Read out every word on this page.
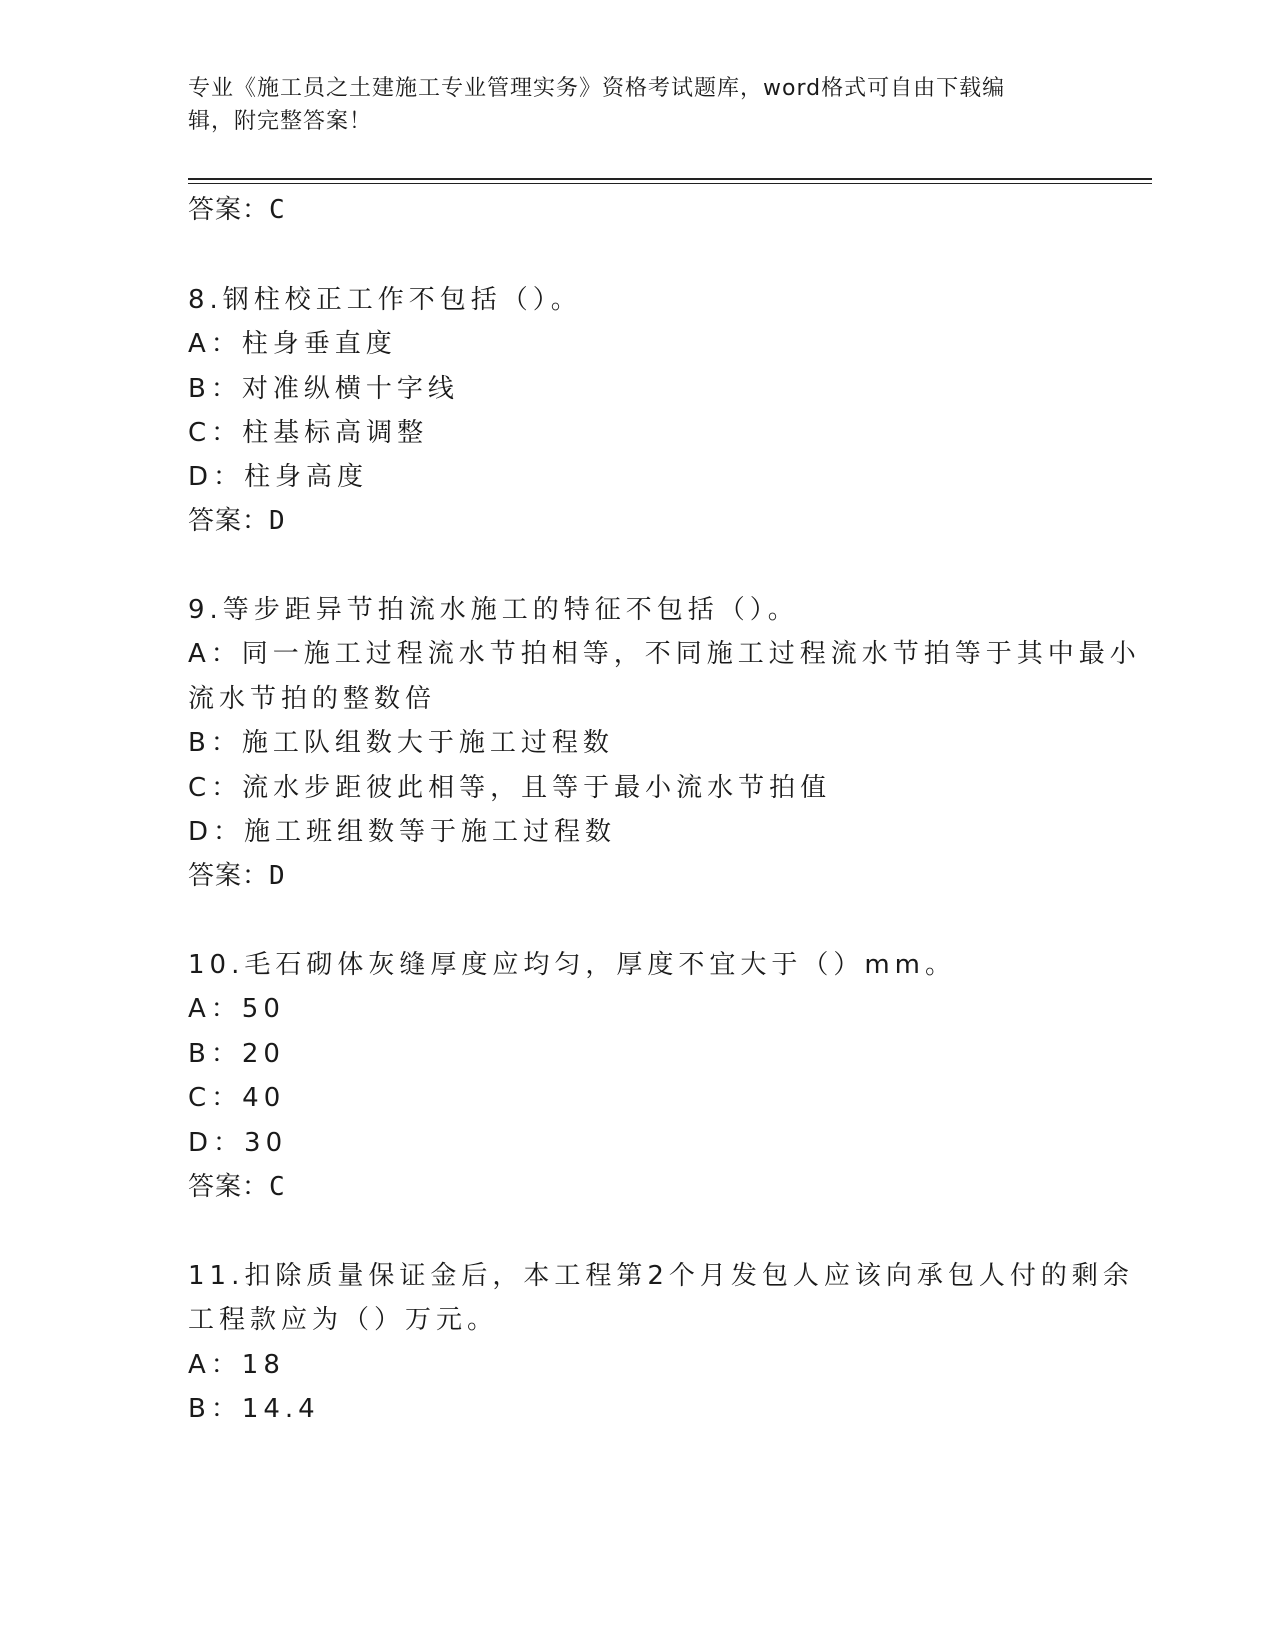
专业《施工员之土建施工专业管理实务》资格考试题库，word格式可自由下载编
辑，附完整答案！
答案：C
8.钢柱校正工作不包括（）。
A：柱身垂直度
B：对准纵横十字线
C：柱基标高调整
D：柱身高度
答案：D
9.等步距异节拍流水施工的特征不包括（）。
A：同一施工过程流水节拍相等，不同施工过程流水节拍等于其中最小
流水节拍的整数倍
B：施工队组数大于施工过程数
C：流水步距彼此相等，且等于最小流水节拍值
D：施工班组数等于施工过程数
答案：D
10.毛石砌体灰缝厚度应均匀，厚度不宜大于（）mm。
A：50
B：20
C：40
D：30
答案：C
11.扣除质量保证金后，本工程第2个月发包人应该向承包人付的剩余
工程款应为（）万元。
A：18
B：14.4
